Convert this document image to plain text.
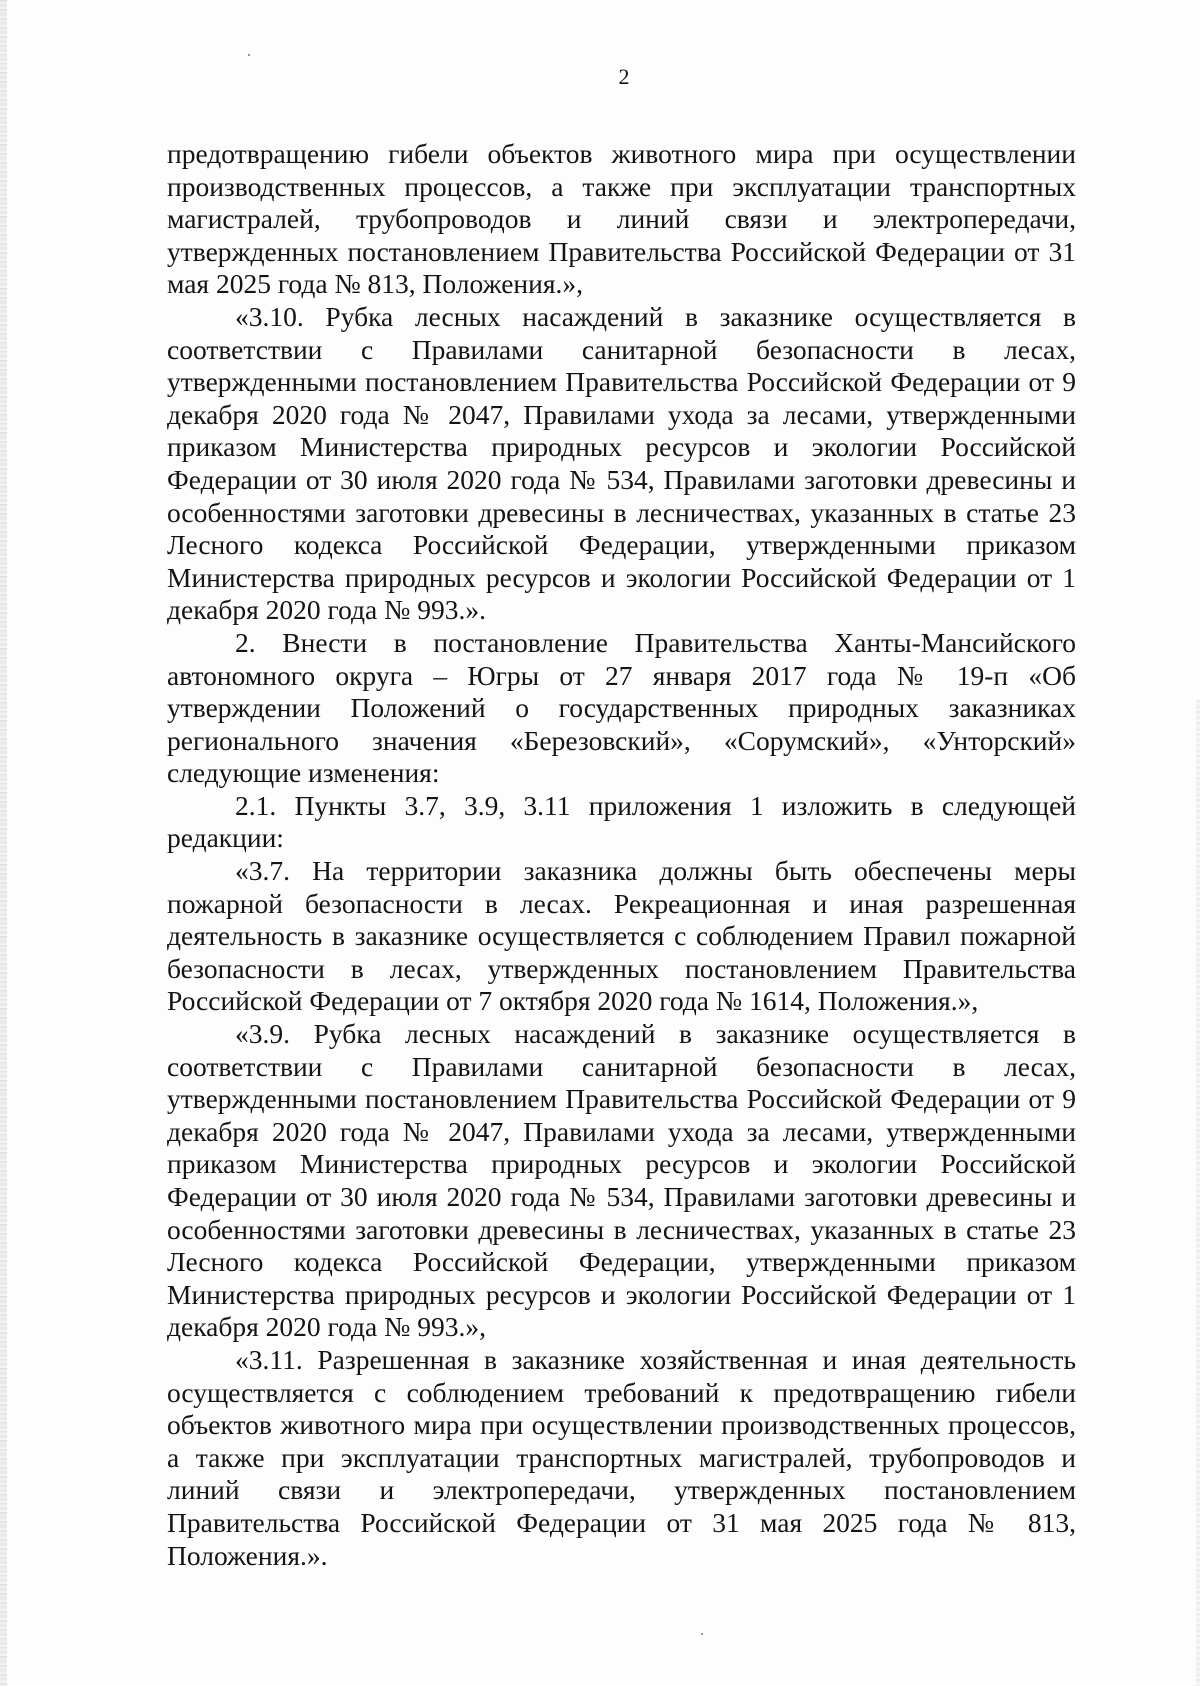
2

предотвращению гибели объектов животного мира при осуществлении производственных процессов, а также при эксплуатации транспортных магистралей, трубопроводов и линий связи и электропередачи, утвержденных постановлением Правительства Российской Федерации от 31 мая 2025 года № 813, Положения.»,

«3.10. Рубка лесных насаждений в заказнике осуществляется в соответствии с Правилами санитарной безопасности в лесах, утвержденными постановлением Правительства Российской Федерации от 9 декабря 2020 года № 2047, Правилами ухода за лесами, утвержденными приказом Министерства природных ресурсов и экологии Российской Федерации от 30 июля 2020 года № 534, Правилами заготовки древесины и особенностями заготовки древесины в лесничествах, указанных в статье 23 Лесного кодекса Российской Федерации, утвержденными приказом Министерства природных ресурсов и экологии Российской Федерации от 1 декабря 2020 года № 993.».

2. Внести в постановление Правительства Ханты-Мансийского автономного округа – Югры от 27 января 2017 года № 19-п «Об утверждении Положений о государственных природных заказниках регионального значения «Березовский», «Сорумский», «Унторский» следующие изменения:

2.1. Пункты 3.7, 3.9, 3.11 приложения 1 изложить в следующей редакции:

«3.7. На территории заказника должны быть обеспечены меры пожарной безопасности в лесах. Рекреационная и иная разрешенная деятельность в заказнике осуществляется с соблюдением Правил пожарной безопасности в лесах, утвержденных постановлением Правительства Российской Федерации от 7 октября 2020 года № 1614, Положения.»,

«3.9. Рубка лесных насаждений в заказнике осуществляется в соответствии с Правилами санитарной безопасности в лесах, утвержденными постановлением Правительства Российской Федерации от 9 декабря 2020 года № 2047, Правилами ухода за лесами, утвержденными приказом Министерства природных ресурсов и экологии Российской Федерации от 30 июля 2020 года № 534, Правилами заготовки древесины и особенностями заготовки древесины в лесничествах, указанных в статье 23 Лесного кодекса Российской Федерации, утвержденными приказом Министерства природных ресурсов и экологии Российской Федерации от 1 декабря 2020 года № 993.»,

«3.11. Разрешенная в заказнике хозяйственная и иная деятельность осуществляется с соблюдением требований к предотвращению гибели объектов животного мира при осуществлении производственных процессов, а также при эксплуатации транспортных магистралей, трубопроводов и линий связи и электропередачи, утвержденных постановлением Правительства Российской Федерации от 31 мая 2025 года № 813, Положения.».
